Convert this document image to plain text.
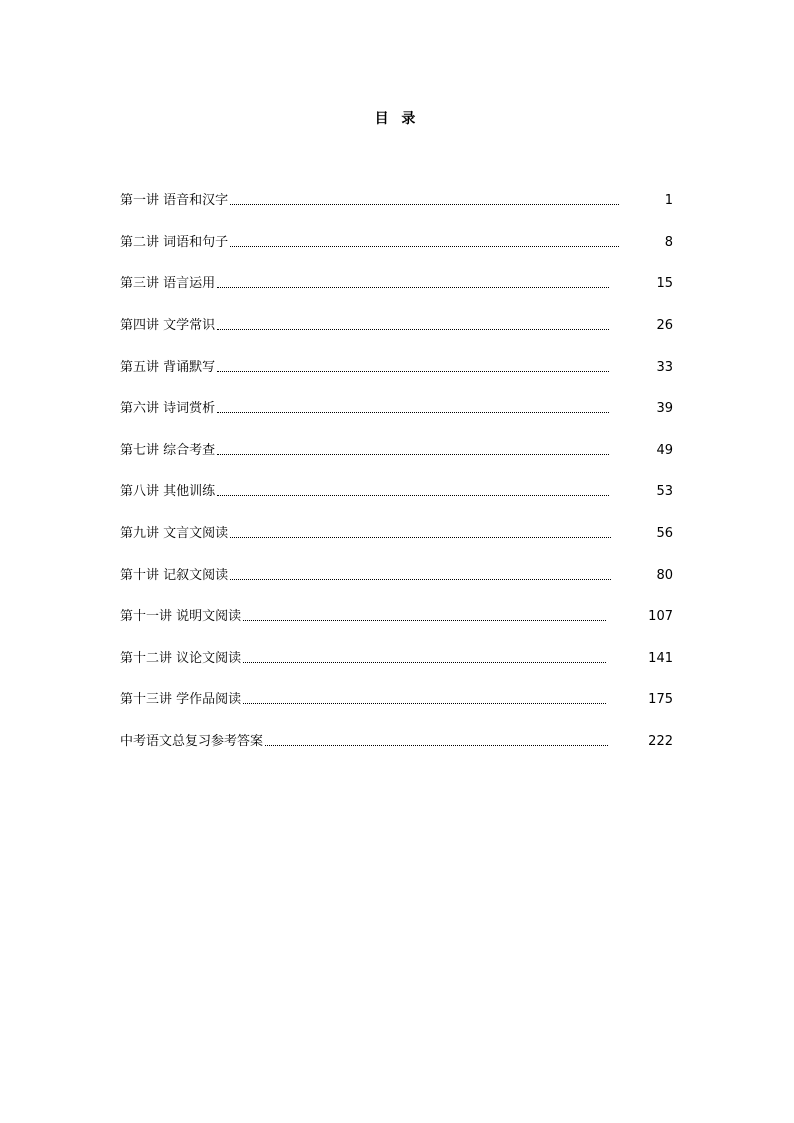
目 录
第一讲 语音和汉字	1
第二讲 词语和句子	8
第三讲 语言运用	15
第四讲 文学常识	26
第五讲 背诵默写	33
第六讲 诗词赏析	39
第七讲 综合考查	49
第八讲 其他训练	53
第九讲 文言文阅读	56
第十讲 记叙文阅读	80
第十一讲 说明文阅读	107
第十二讲 议论文阅读	141
第十三讲 学作品阅读	175
中考语文总复习参考答案	222
